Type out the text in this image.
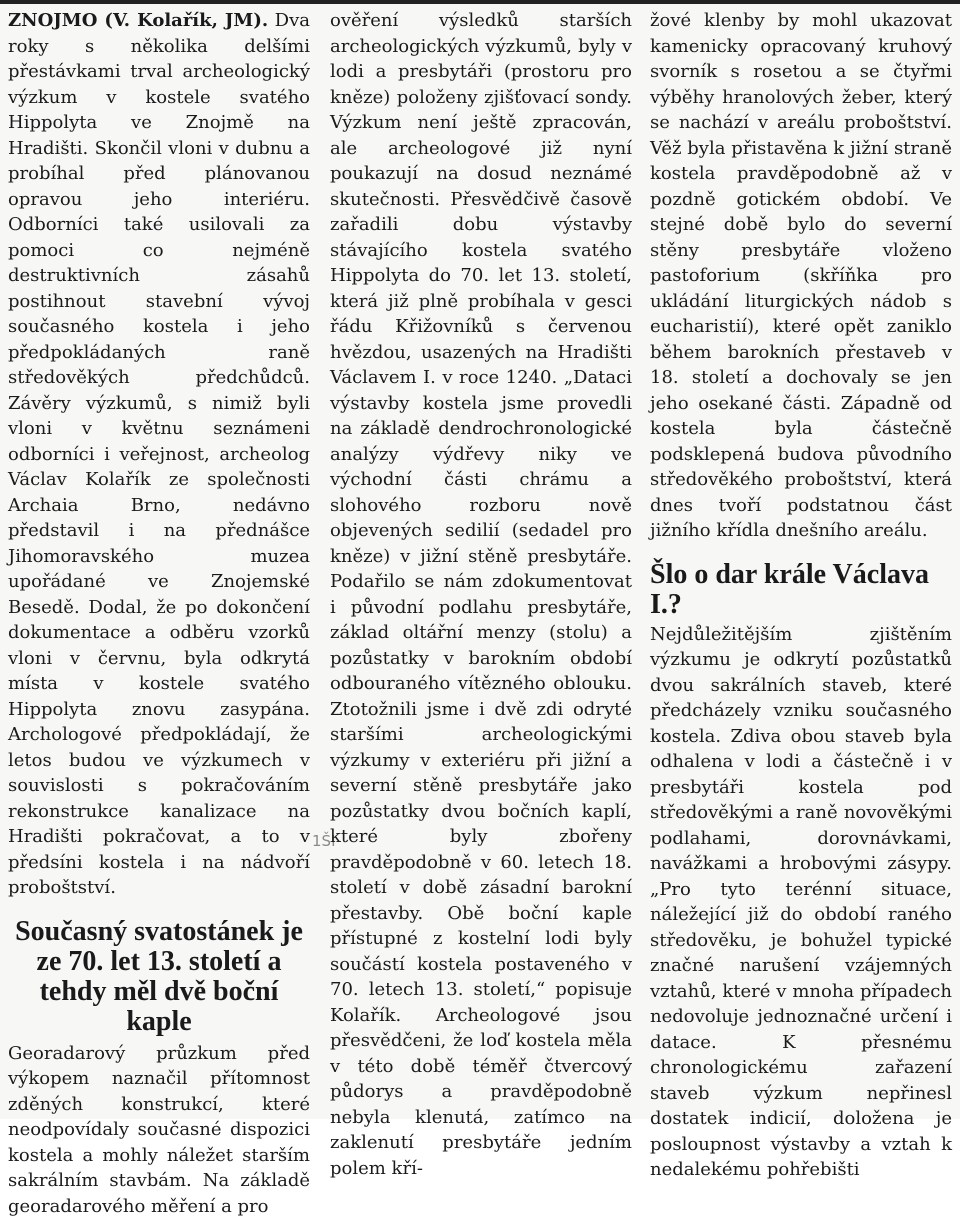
ZNOJMO (V. Kolařík, JM). Dva roky s několika delšími přestávkami trval archeologický výzkum v kostele svatého Hippolyta ve Znojmě na Hradišti. Skončil vloni v dubnu a probíhal před plánovanou opravou jeho interiéru. Odborníci také usilovali za pomoci co nejméně destruktivních zásahů postihnout stavební vývoj současného kostela i jeho předpokládaných raně středověkých předchůdců. Závěry výzkumů, s nimiž byli vloni v květnu seznámeni odborníci i veřejnost, archeolog Václav Kolařík ze společnosti Archaia Brno, nedávno představil i na přednášce Jihomoravského muzea upořádané ve Znojemské Besedě. Dodal, že po dokončení dokumentace a odběru vzorků vloni v červnu, byla odkrytá místa v kostele svatého Hippolyta znovu zasypána. Archologové předpokládají, že letos budou ve výzkumech v souvislosti s pokračováním rekonstrukce kanalizace na Hradišti pokračovat, a to v předsíni kostela i na nádvoří proboštství.

Současný svatostánek je ze 70. let 13. století a tehdy měl dvě boční kaple

Georadarový průzkum před výkopem naznačil přítomnost zděných konstrukcí, které neodpovídaly současné dispozici kostela a mohly náležet starším sakrálním stavbám. Na základě georadarového měření a pro

1ŠI

ověření výsledků starších archeologických výzkumů, byly v lodi a presbytáři (prostoru pro kněze) položeny zjišťovací sondy. Výzkum není ještě zpracován, ale archeologové již nyní poukazují na dosud neznámé skutečnosti. Přesvědčivě časově zařadili dobu výstavby stávajícího kostela svatého Hippolyta do 70. let 13. století, která již plně probíhala v gesci řádu Křižovníků s červenou hvězdou, usazených na Hradišti Václavem I. v roce 1240. „Dataci výstavby kostela jsme provedli na základě dendrochronologické analýzy výdřevy niky ve východní části chrámu a slohového rozboru nově objevených sedilií (sedadel pro kněze) v jižní stěně presbytáře. Podařilo se nám zdokumentovat i původní podlahu presbytáře, základ oltářní menzy (stolu) a pozůstatky v barokním období odbouraného vítězného oblouku. Ztotožnili jsme i dvě zdi odryté staršími archeologickými výzkumy v exteriéru při jižní a severní stěně presbytáře jako pozůstatky dvou bočních kaplí, které byly zbořeny pravděpodobně v 60. letech 18. století v době zásadní barokní přestavby. Obě boční kaple přístupné z kostelní lodi byly součástí kostela postaveného v 70. letech 13. století,“ popisuje Kolařík. Archeologové jsou přesvědčeni, že loď kostela měla v této době téměř čtvercový půdorys a pravděpodobně nebyla klenutá, zatímco na zaklenutí presbytáře jedním polem kří-

žové klenby by mohl ukazovat kamenicky opracovaný kruhový svorník s rosetou a se čtyřmi výběhy hranolových žeber, který se nachází v areálu proboštství. Věž byla přistavěna k jižní straně kostela pravděpodobně až v pozdně gotickém období. Ve stejné době bylo do severní stěny presbytáře vloženo pastoforium (skříňka pro ukládání liturgických nádob s eucharistií), které opět zaniklo během barokních přestaveb v 18. století a dochovaly se jen jeho osekané části. Západně od kostela byla částečně podsklepená budova původního středověkého proboštství, která dnes tvoří podstatnou část jižního křídla dnešního areálu.

Šlo o dar krále Václava I.?

Nejdůležitějším zjištěním výzkumu je odkrytí pozůstatků dvou sakrálních staveb, které předcházely vzniku současného kostela. Zdiva obou staveb byla odhalena v lodi a částečně i v presbytáři kostela pod středověkými a raně novověkými podlahami, dorovnávkami, navážkami a hrobovými zásypy. „Pro tyto terénní situace, náležející již do období raného středověku, je bohužel typické značné narušení vzájemných vztahů, které v mnoha případech nedovoluje jednoznačné určení i datace. K přesnému chronologickému zařazení staveb výzkum nepřinesl dostatek indicií, doložena je posloupnost výstavby a vztah k nedalekému pohřebišti
